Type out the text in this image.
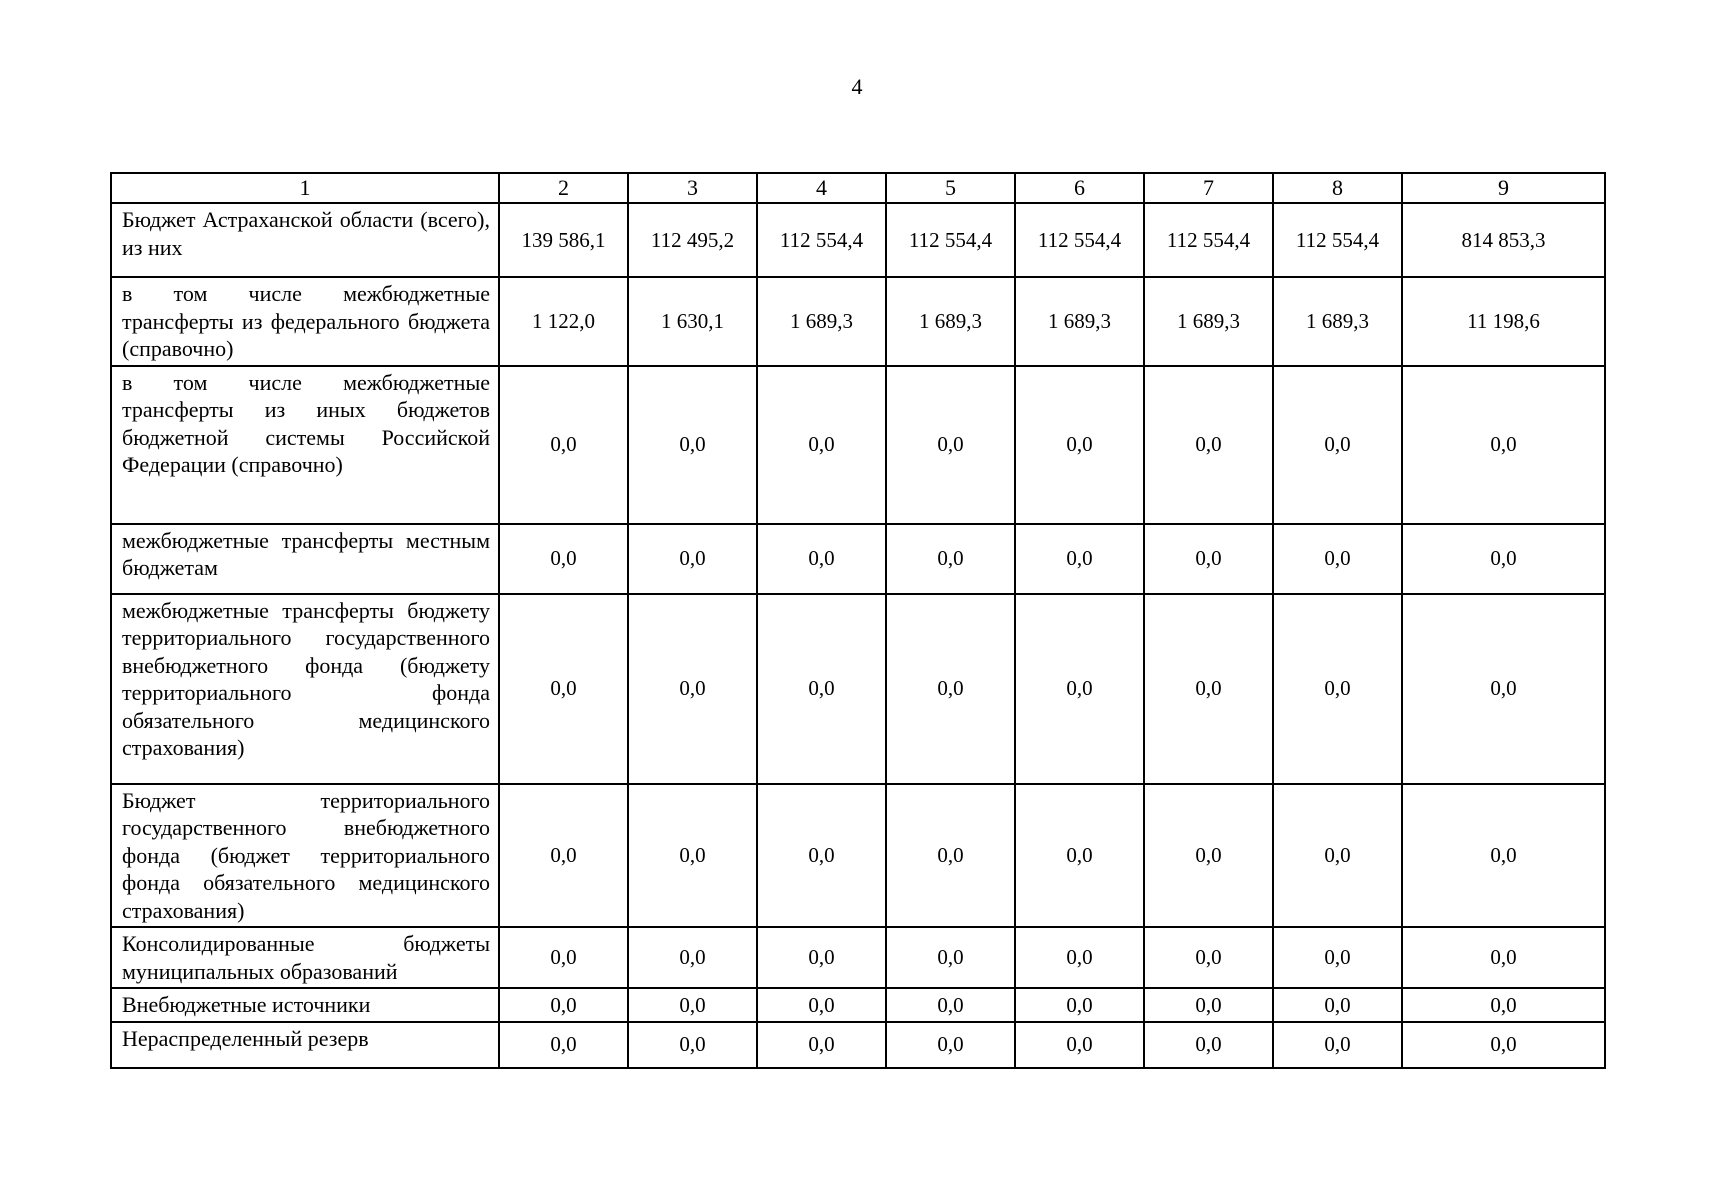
4
1	2	3	4	5	6	7	8	9
Бюджет Астраханской области (всего), из них	139 586,1	112 495,2	112 554,4	112 554,4	112 554,4	112 554,4	112 554,4	814 853,3
в том числе межбюджетные трансферты из федерального бюджета (справочно)	1 122,0	1 630,1	1 689,3	1 689,3	1 689,3	1 689,3	1 689,3	11 198,6
в том числе межбюджетные трансферты из иных бюджетов бюджетной системы Российской Федерации (справочно)	0,0	0,0	0,0	0,0	0,0	0,0	0,0	0,0
межбюджетные трансферты местным бюджетам	0,0	0,0	0,0	0,0	0,0	0,0	0,0	0,0
межбюджетные трансферты бюджету территориального государственного внебюджетного фонда (бюджету территориального фонда обязательного медицинского страхования)	0,0	0,0	0,0	0,0	0,0	0,0	0,0	0,0
Бюджет территориального государственного внебюджетного фонда (бюджет территориального фонда обязательного медицинского страхования)	0,0	0,0	0,0	0,0	0,0	0,0	0,0	0,0
Консолидированные бюджеты муниципальных образований	0,0	0,0	0,0	0,0	0,0	0,0	0,0	0,0
Внебюджетные источники	0,0	0,0	0,0	0,0	0,0	0,0	0,0	0,0
Нераспределенный резерв	0,0	0,0	0,0	0,0	0,0	0,0	0,0	0,0
